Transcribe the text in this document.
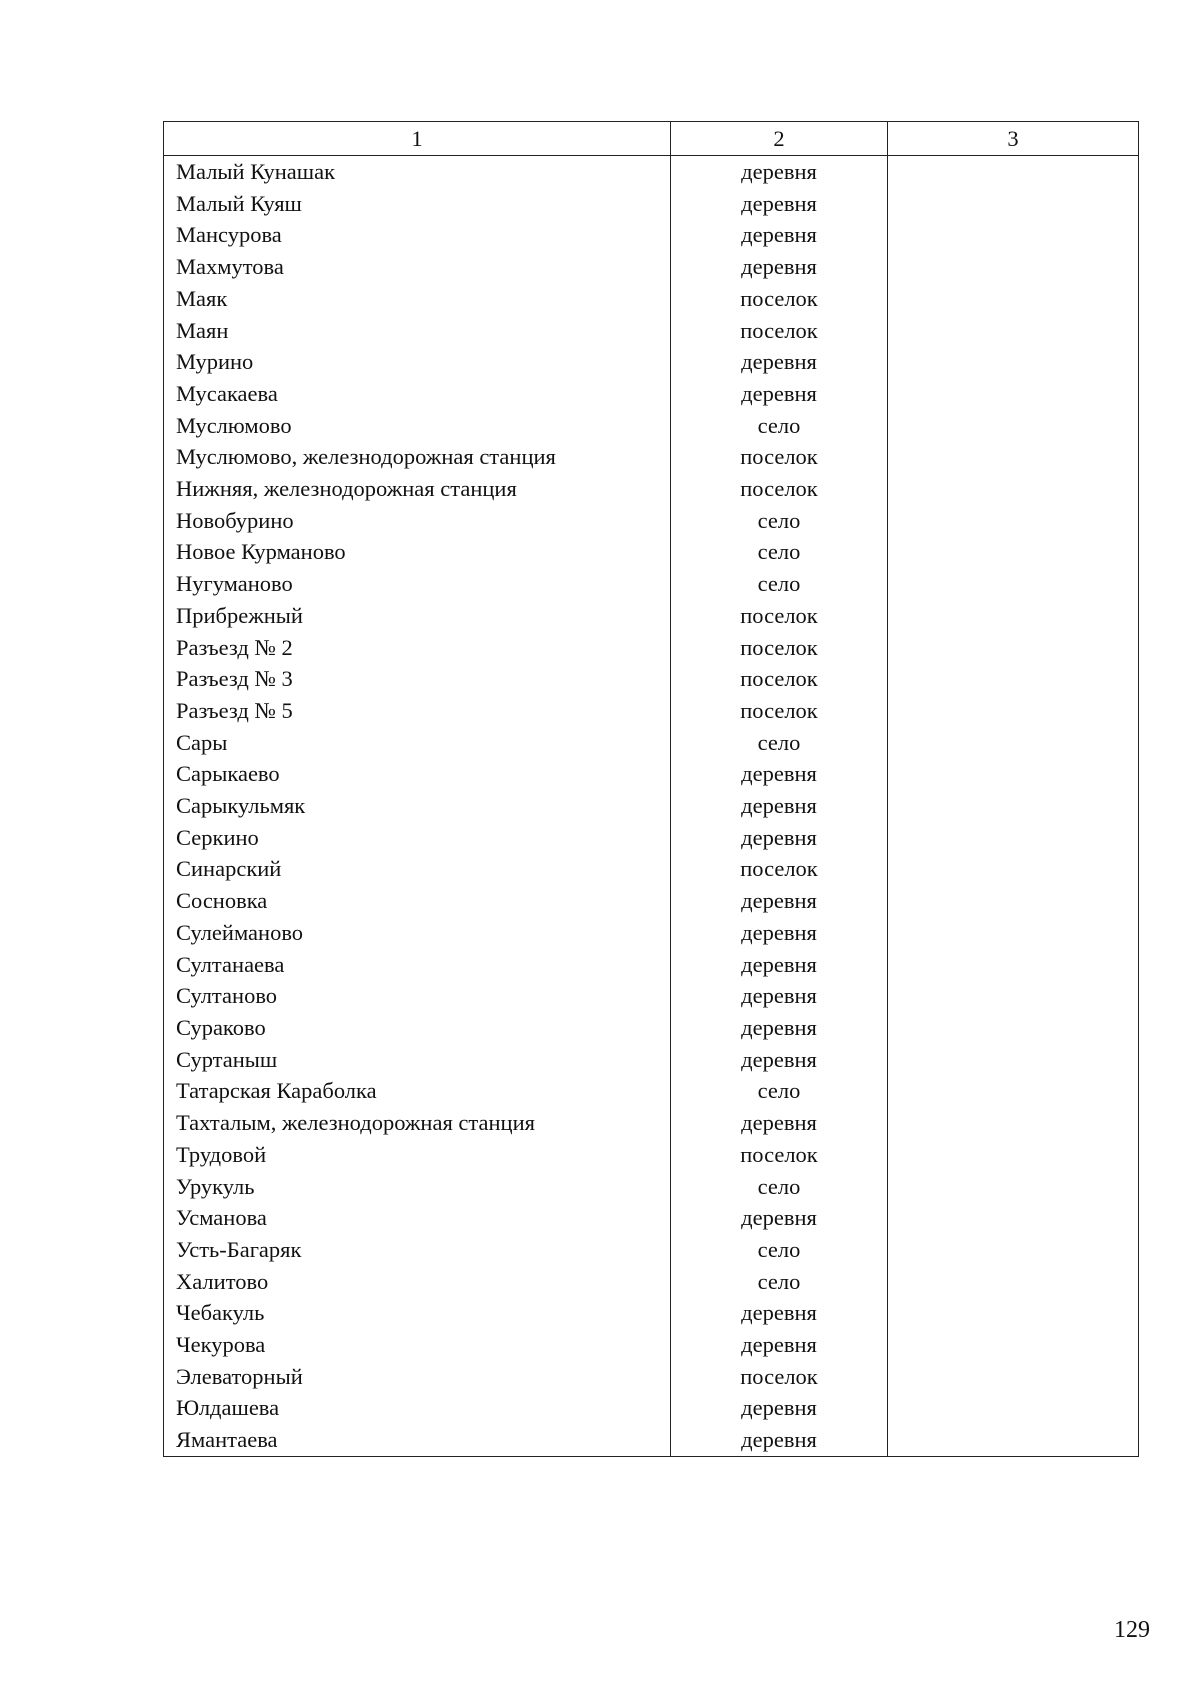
1	2	3
Малый Кунашак	деревня	
Малый Куяш	деревня	
Мансурова	деревня	
Махмутова	деревня	
Маяк	поселок	
Маян	поселок	
Мурино	деревня	
Мусакаева	деревня	
Муслюмово	село	
Муслюмово, железнодорожная станция	поселок	
Нижняя, железнодорожная станция	поселок	
Новобурино	село	
Новое Курманово	село	
Нугуманово	село	
Прибрежный	поселок	
Разъезд № 2	поселок	
Разъезд № 3	поселок	
Разъезд № 5	поселок	
Сары	село	
Сарыкаево	деревня	
Сарыкульмяк	деревня	
Серкино	деревня	
Синарский	поселок	
Сосновка	деревня	
Сулейманово	деревня	
Султанаева	деревня	
Султаново	деревня	
Сураково	деревня	
Суртаныш	деревня	
Татарская Караболка	село	
Тахталым, железнодорожная станция	деревня	
Трудовой	поселок	
Урукуль	село	
Усманова	деревня	
Усть-Багаряк	село	
Халитово	село	
Чебакуль	деревня	
Чекурова	деревня	
Элеваторный	поселок	
Юлдашева	деревня	
Ямантаева	деревня	
129
